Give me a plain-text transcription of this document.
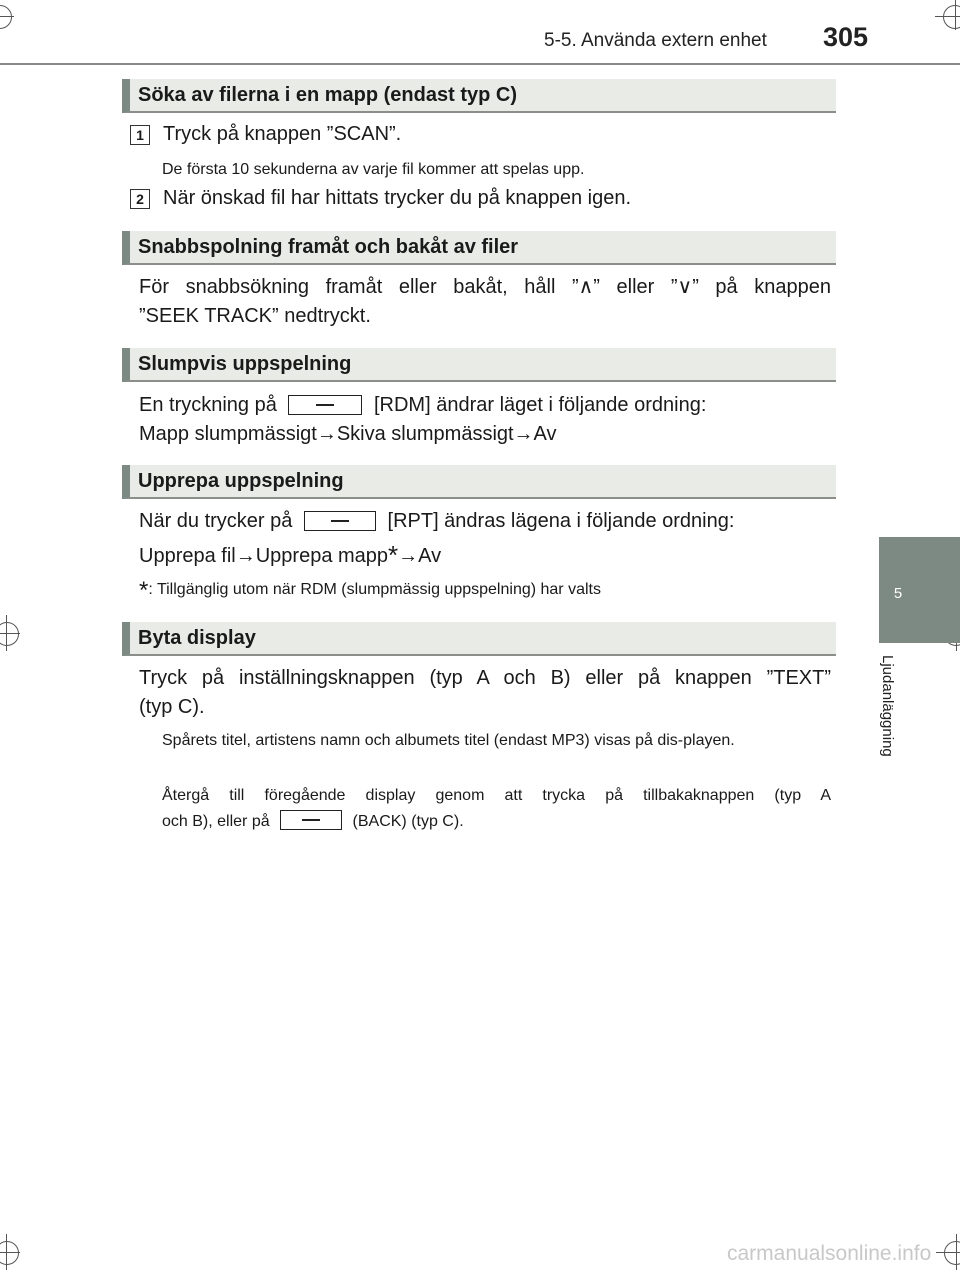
5-5. Använda extern enhet 305
5
Ljudanläggning
Söka av filerna i en mapp (endast typ C)
1 Tryck på knappen ”SCAN”.
De första 10 sekunderna av varje fil kommer att spelas upp.
2 När önskad fil har hittats trycker du på knappen igen.
Snabbspolning framåt och bakåt av filer
För snabbsökning framåt eller bakåt, håll ”∧” eller ”∨” på knappen
”SEEK TRACK” nedtryckt.
Slumpvis uppspelning
En tryckning på	[RDM] ändrar läget i följande ordning:
Mapp slumpmässigt→Skiva slumpmässigt→Av
Upprepa uppspelning
När du trycker på	[RPT] ändras lägena i följande ordning:
Upprepa fil→Upprepa mapp*→Av
*: Tillgänglig utom när RDM (slumpmässig uppspelning) har valts
Byta display
Tryck på inställningsknappen (typ A och B) eller på knappen ”TEXT”
(typ C).
Spårets titel, artistens namn och albumets titel (endast MP3) visas på dis-playen.
Återgå till föregående display genom att trycka på tillbakaknappen (typ A
och B), eller på	(BACK) (typ C).
carmanualsonline.info
